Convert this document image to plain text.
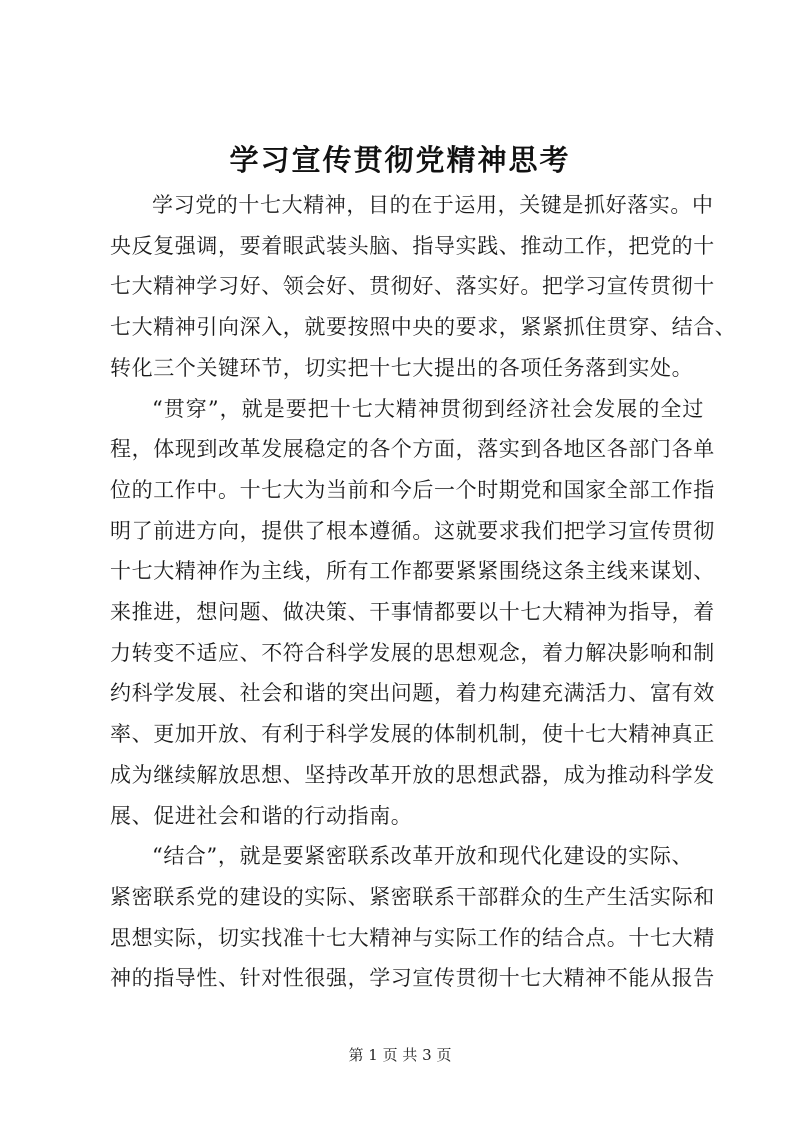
学习宣传贯彻党精神思考
学习党的十七大精神，目的在于运用，关键是抓好落实。中
央反复强调，要着眼武装头脑、指导实践、推动工作，把党的十
七大精神学习好、领会好、贯彻好、落实好。把学习宣传贯彻十
七大精神引向深入，就要按照中央的要求，紧紧抓住贯穿、结合、
转化三个关键环节，切实把十七大提出的各项任务落到实处。
“贯穿”，就是要把十七大精神贯彻到经济社会发展的全过
程，体现到改革发展稳定的各个方面，落实到各地区各部门各单
位的工作中。十七大为当前和今后一个时期党和国家全部工作指
明了前进方向，提供了根本遵循。这就要求我们把学习宣传贯彻
十七大精神作为主线，所有工作都要紧紧围绕这条主线来谋划、
来推进，想问题、做决策、干事情都要以十七大精神为指导，着
力转变不适应、不符合科学发展的思想观念，着力解决影响和制
约科学发展、社会和谐的突出问题，着力构建充满活力、富有效
率、更加开放、有利于科学发展的体制机制，使十七大精神真正
成为继续解放思想、坚持改革开放的思想武器，成为推动科学发
展、促进社会和谐的行动指南。
“结合”，就是要紧密联系改革开放和现代化建设的实际、
紧密联系党的建设的实际、紧密联系干部群众的生产生活实际和
思想实际，切实找准十七大精神与实际工作的结合点。十七大精
神的指导性、针对性很强，学习宣传贯彻十七大精神不能从报告
第 1 页 共 3 页
